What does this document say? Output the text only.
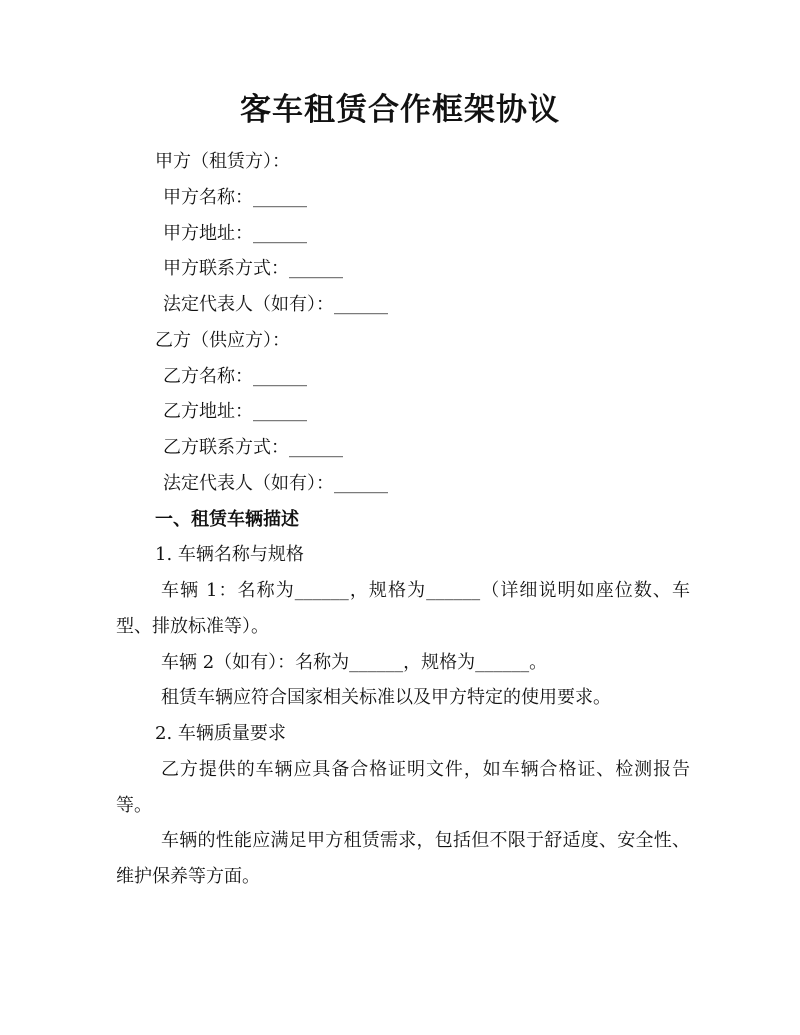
客车租赁合作框架协议
甲方（租赁方）：
甲方名称：______
甲方地址：______
甲方联系方式：______
法定代表人（如有）：______
乙方（供应方）：
乙方名称：______
乙方地址：______
乙方联系方式：______
法定代表人（如有）：______
一、租赁车辆描述
1. 车辆名称与规格
车辆 1：名称为______，规格为______（详细说明如座位数、车型、排放标准等）。
车辆 2（如有）：名称为______，规格为______。
租赁车辆应符合国家相关标准以及甲方特定的使用要求。
2. 车辆质量要求
乙方提供的车辆应具备合格证明文件，如车辆合格证、检测报告等。
车辆的性能应满足甲方租赁需求，包括但不限于舒适度、安全性、维护保养等方面。
